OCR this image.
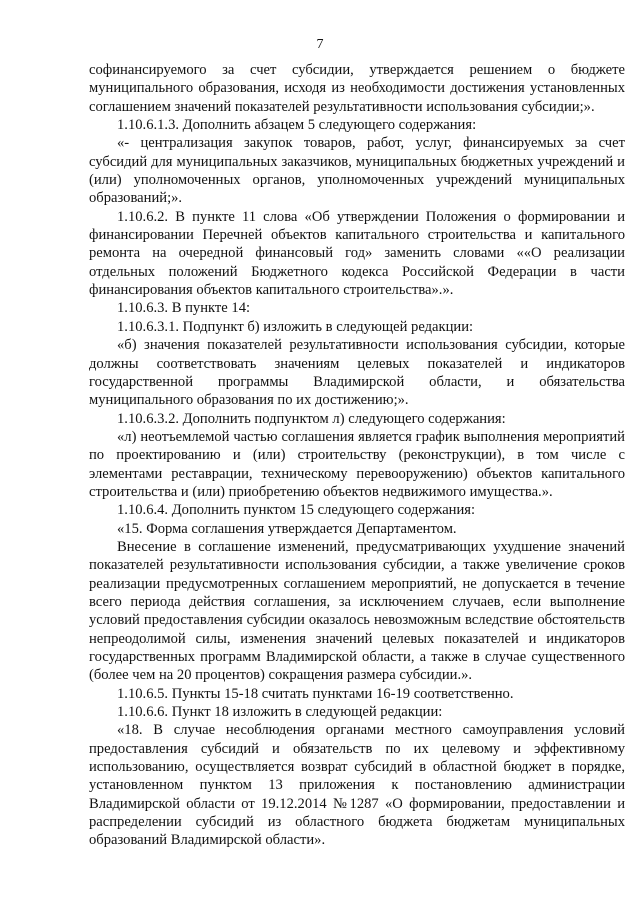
7

софинансируемого за счет субсидии, утверждается решением о бюджете муниципального образования, исходя из необходимости достижения установленных соглашением значений показателей результативности использования субсидии;».

1.10.6.1.3. Дополнить абзацем 5 следующего содержания:

«- централизация закупок товаров, работ, услуг, финансируемых за счет субсидий для муниципальных заказчиков, муниципальных бюджетных учреждений и (или) уполномоченных органов, уполномоченных учреждений муниципальных образований;».

1.10.6.2. В пункте 11 слова «Об утверждении Положения о формировании и финансировании Перечней объектов капитального строительства и капитального ремонта на очередной финансовый год» заменить словами ««О реализации отдельных положений Бюджетного кодекса Российской Федерации в части финансирования объектов капитального строительства».».

1.10.6.3. В пункте 14:

1.10.6.3.1. Подпункт б) изложить в следующей редакции:

«б) значения показателей результативности использования субсидии, которые должны соответствовать значениям целевых показателей и индикаторов государственной программы Владимирской области, и обязательства муниципального образования по их достижению;».

1.10.6.3.2. Дополнить подпунктом л) следующего содержания:

«л) неотъемлемой частью соглашения является график выполнения мероприятий по проектированию и (или) строительству (реконструкции), в том числе с элементами реставрации, техническому перевооружению) объектов капитального строительства и (или) приобретению объектов недвижимого имущества.».

1.10.6.4. Дополнить пунктом 15 следующего содержания:

«15. Форма соглашения утверждается Департаментом.

Внесение в соглашение изменений, предусматривающих ухудшение значений показателей результативности использования субсидии, а также увеличение сроков реализации предусмотренных соглашением мероприятий, не допускается в течение всего периода действия соглашения, за исключением случаев, если выполнение условий предоставления субсидии оказалось невозможным вследствие обстоятельств непреодолимой силы, изменения значений целевых показателей и индикаторов государственных программ Владимирской области, а также в случае существенного (более чем на 20 процентов) сокращения размера субсидии.».

1.10.6.5. Пункты 15-18 считать пунктами 16-19 соответственно.

1.10.6.6. Пункт 18 изложить в следующей редакции:

«18. В случае несоблюдения органами местного самоуправления условий предоставления субсидий и обязательств по их целевому и эффективному использованию, осуществляется возврат субсидий в областной бюджет в порядке, установленном пунктом 13 приложения к постановлению администрации Владимирской области от 19.12.2014 №1287 «О формировании, предоставлении и распределении субсидий из областного бюджета бюджетам муниципальных образований Владимирской области».
